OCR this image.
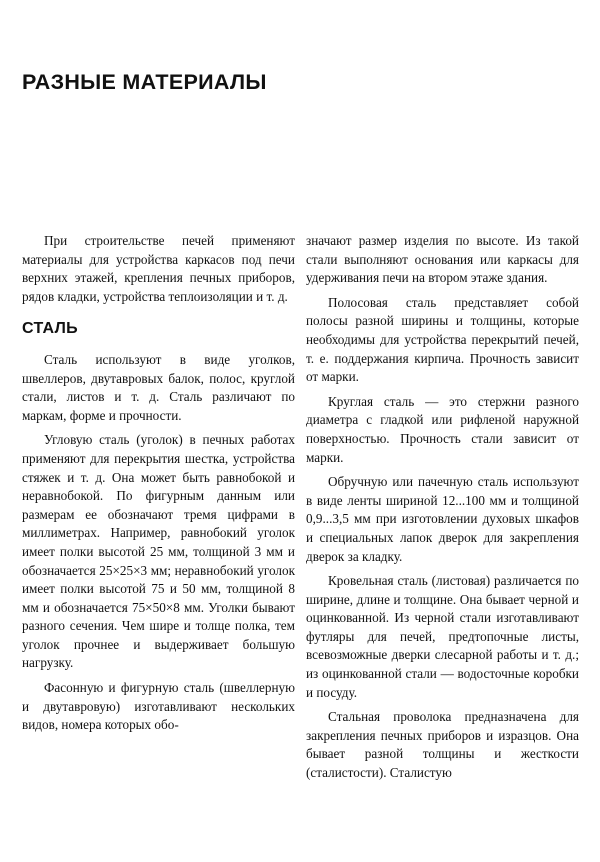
РАЗНЫЕ МАТЕРИАЛЫ

При строительстве печей применяют материалы для устройства каркасов под печи верхних этажей, крепления печных приборов, рядов кладки, устройства теплоизоляции и т. д.

СТАЛЬ

Сталь используют в виде уголков, швеллеров, двутавровых балок, полос, круглой стали, листов и т. д. Сталь различают по маркам, форме и прочности.

Угловую сталь (уголок) в печных работах применяют для перекрытия шестка, устройства стяжек и т. д. Она может быть равнобокой и неравнобокой. По фигурным данным или размерам ее обозначают тремя цифрами в миллиметрах. Например, равнобокий уголок имеет полки высотой 25 мм, толщиной 3 мм и обозначается 25×25×3 мм; неравнобокий уголок имеет полки высотой 75 и 50 мм, толщиной 8 мм и обозначается 75×50×8 мм. Уголки бывают разного сечения. Чем шире и толще полка, тем уголок прочнее и выдерживает большую нагрузку.

Фасонную и фигурную сталь (швеллерную и двутавровую) изготавливают нескольких видов, номера которых обо-

значают размер изделия по высоте. Из такой стали выполняют основания или каркасы для удерживания печи на втором этаже здания.

Полосовая сталь представляет собой полосы разной ширины и толщины, которые необходимы для устройства перекрытий печей, т. е. поддержания кирпича. Прочность зависит от марки.

Круглая сталь — это стержни разного диаметра с гладкой или рифленой наружной поверхностью. Прочность стали зависит от марки.

Обручную или пачечную сталь используют в виде ленты шириной 12...100 мм и толщиной 0,9...3,5 мм при изготовлении духовых шкафов и специальных лапок дверок для закрепления дверок за кладку.

Кровельная сталь (листовая) различается по ширине, длине и толщине. Она бывает черной и оцинкованной. Из черной стали изготавливают футляры для печей, предтопочные листы, всевозможные дверки слесарной работы и т. д.; из оцинкованной стали — водосточные коробки и посуду.

Стальная проволока предназначена для закрепления печных приборов и изразцов. Она бывает разной толщины и жесткости (сталистости). Сталистую
